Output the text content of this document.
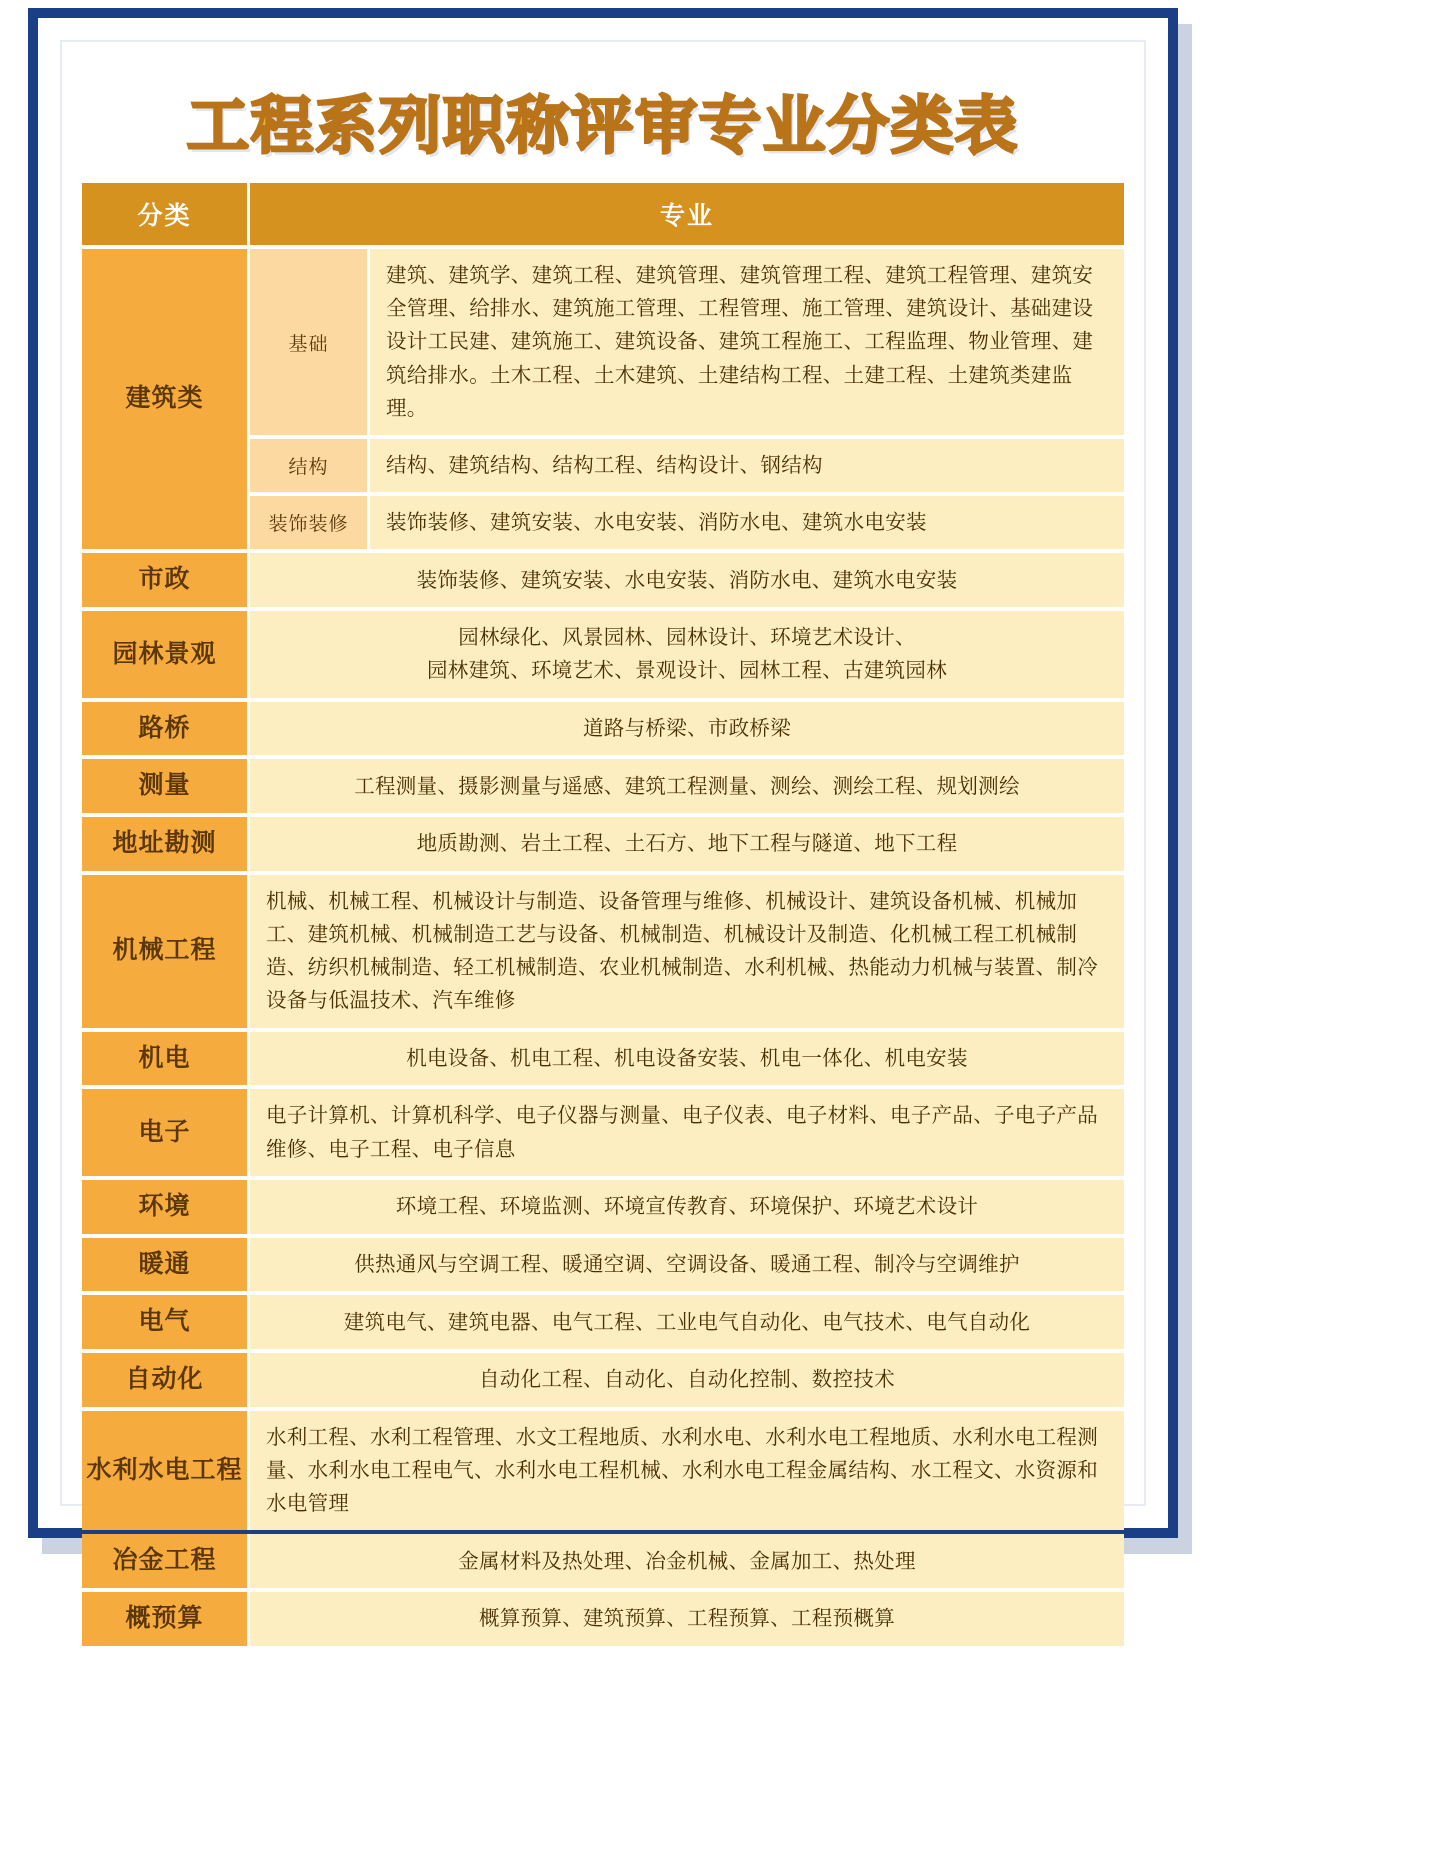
工程系列职称评审专业分类表
分类	专业	
建筑类	基础	建筑、建筑学、建筑工程、建筑管理、建筑管理工程、建筑工程管理、建筑安全管理、给排水、建筑施工管理、工程管理、施工管理、建筑设计、基础建设设计工民建、建筑施工、建筑设备、建筑工程施工、工程监理、物业管理、建筑给排水。土木工程、土木建筑、土建结构工程、土建工程、土建筑类建监理。
	结构	结构、建筑结构、结构工程、结构设计、钢结构
	装饰装修	装饰装修、建筑安装、水电安装、消防水电、建筑水电安装
市政	装饰装修、建筑安装、水电安装、消防水电、建筑水电安装	
园林景观	园林绿化、风景园林、园林设计、环境艺术设计、
园林建筑、环境艺术、景观设计、园林工程、古建筑园林	
路桥	道路与桥梁、市政桥梁	
测量	工程测量、摄影测量与遥感、建筑工程测量、测绘、测绘工程、规划测绘	
地址勘测	地质勘测、岩土工程、土石方、地下工程与隧道、地下工程	
机械工程	机械、机械工程、机械设计与制造、设备管理与维修、机械设计、建筑设备机械、机械加工、建筑机械、机械制造工艺与设备、机械制造、机械设计及制造、化机械工程工机械制造、纺织机械制造、轻工机械制造、农业机械制造、水利机械、热能动力机械与装置、制冷设备与低温技术、汽车维修	
机电	机电设备、机电工程、机电设备安装、机电一体化、机电安装	
电子	电子计算机、计算机科学、电子仪器与测量、电子仪表、电子材料、电子产品、子电子产品维修、电子工程、电子信息	
环境	环境工程、环境监测、环境宣传教育、环境保护、环境艺术设计	
暖通	供热通风与空调工程、暖通空调、空调设备、暖通工程、制冷与空调维护	
电气	建筑电气、建筑电器、电气工程、工业电气自动化、电气技术、电气自动化	
自动化	自动化工程、自动化、自动化控制、数控技术	
水利水电工程	水利工程、水利工程管理、水文工程地质、水利水电、水利水电工程地质、水利水电工程测量、水利水电工程电气、水利水电工程机械、水利水电工程金属结构、水工程文、水资源和水电管理	
冶金工程	金属材料及热处理、冶金机械、金属加工、热处理	
概预算	概算预算、建筑预算、工程预算、工程预概算	
